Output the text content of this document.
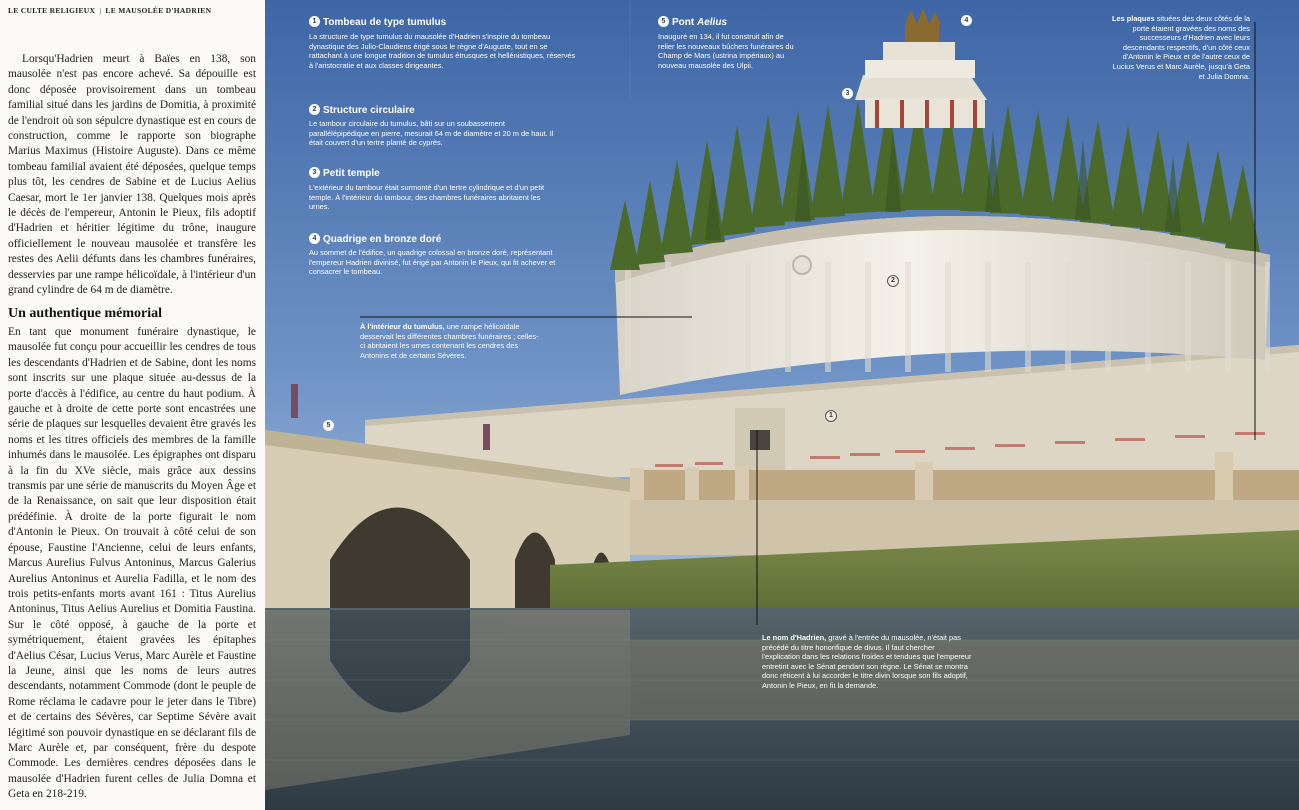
LE CULTE RELIGIEUX | LE MAUSOLÉE D'HADRIEN
Lorsqu'Hadrien meurt à Baïes en 138, son mausolée n'est pas encore achevé. Sa dépouille est donc déposée provisoirement dans un tombeau familial situé dans les jardins de Domitia, à proximité de l'endroit où son sépulcre dynastique est en cours de construction, comme le rapporte son biographe Marius Maximus (Histoire Auguste). Dans ce même tombeau familial avaient été déposées, quelque temps plus tôt, les cendres de Sabine et de Lucius Aelius Caesar, mort le 1er janvier 138. Quelques mois après le décès de l'empereur, Antonin le Pieux, fils adoptif d'Hadrien et héritier légitime du trône, inaugure officiellement le nouveau mausolée et transfère les restes des Aelii défunts dans les chambres funéraires, desservies par une rampe hélicoïdale, à l'intérieur d'un grand cylindre de 64 m de diamètre.
Un authentique mémorial
En tant que monument funéraire dynastique, le mausolée fut conçu pour accueillir les cendres de tous les descendants d'Hadrien et de Sabine, dont les noms sont inscrits sur une plaque située au-dessus de la porte d'accès à l'édifice, au centre du haut podium. À gauche et à droite de cette porte sont encastrées une série de plaques sur lesquelles devaient être gravés les noms et les titres officiels des membres de la famille inhumés dans le mausolée. Les épigraphes ont disparu à la fin du XVe siècle, mais grâce aux dessins transmis par une série de manuscrits du Moyen Âge et de la Renaissance, on sait que leur disposition était prédéfinie. À droite de la porte figurait le nom d'Antonin le Pieux. On trouvait à côté celui de son épouse, Faustine l'Ancienne, celui de leurs enfants, Marcus Aurelius Fulvus Antoninus, Marcus Galerius Aurelius Antoninus et Aurelia Fadilla, et le nom des trois petits-enfants morts avant 161 : Titus Aurelius Antoninus, Titus Aelius Aurelius et Domitia Faustina. Sur le côté opposé, à gauche de la porte et symétriquement, étaient gravées les épitaphes d'Aelius César, Lucius Verus, Marc Aurèle et Faustine la Jeune, ainsi que les noms de leurs autres descendants, notamment Commode (dont le peuple de Rome réclama le cadavre pour le jeter dans le Tibre) et de certains des Sévères, car Septime Sévère avait légitimé son pouvoir dynastique en se déclarant fils de Marc Aurèle et, par conséquent, frère du despote Commode. Les dernières cendres déposées dans le mausolée d'Hadrien furent celles de Julia Domna et Geta en 218-219.
4
3
2
1
5
1 Tombeau de type tumulus
La structure de type tumulus du mausolée d'Hadrien s'inspire du tombeau dynastique des Julio-Claudiens érigé sous le règne d'Auguste, tout en se rattachant à une longue tradition de tumulus étrusques et hellénistiques, réservés à l'aristocratie et aux classes dirigeantes.
2 Structure circulaire
Le tambour circulaire du tumulus, bâti sur un soubassement parallélépipédique en pierre, mesurait 64 m de diamètre et 20 m de haut. Il était couvert d'un tertre planté de cyprès.
3 Petit temple
L'extérieur du tambour était surmonté d'un tertre cylindrique et d'un petit temple. À l'intérieur du tambour, des chambres funéraires abritaient les urnes.
4 Quadrige en bronze doré
Au sommet de l'édifice, un quadrige colossal en bronze doré, représentant l'empereur Hadrien divinisé, fut érigé par Antonin le Pieux, qui fit achever et consacrer le tombeau.
5 Pont Aelius
Inauguré en 134, il fut construit afin de relier les nouveaux bûchers funéraires du Champ de Mars (ustrina impériaux) au nouveau mausolée des Ulpii.
À l'intérieur du tumulus, une rampe hélicoïdale desservait les différentes chambres funéraires ; celles-ci abritaient les urnes contenant les cendres des Antonins et de certains Sévères.
Les plaques situées des deux côtés de la porte étaient gravées des noms des successeurs d'Hadrien avec leurs descendants respectifs, d'un côté ceux d'Antonin le Pieux et de l'autre ceux de Lucius Verus et Marc Aurèle, jusqu'à Geta et Julia Domna.
Le nom d'Hadrien, gravé à l'entrée du mausolée, n'était pas précédé du titre honorifique de divus. Il faut chercher l'explication dans les relations froides et tendues que l'empereur entretint avec le Sénat pendant son règne. Le Sénat se montra donc réticent à lui accorder le titre divin lorsque son fils adoptif, Antonin le Pieux, en fit la demande.
